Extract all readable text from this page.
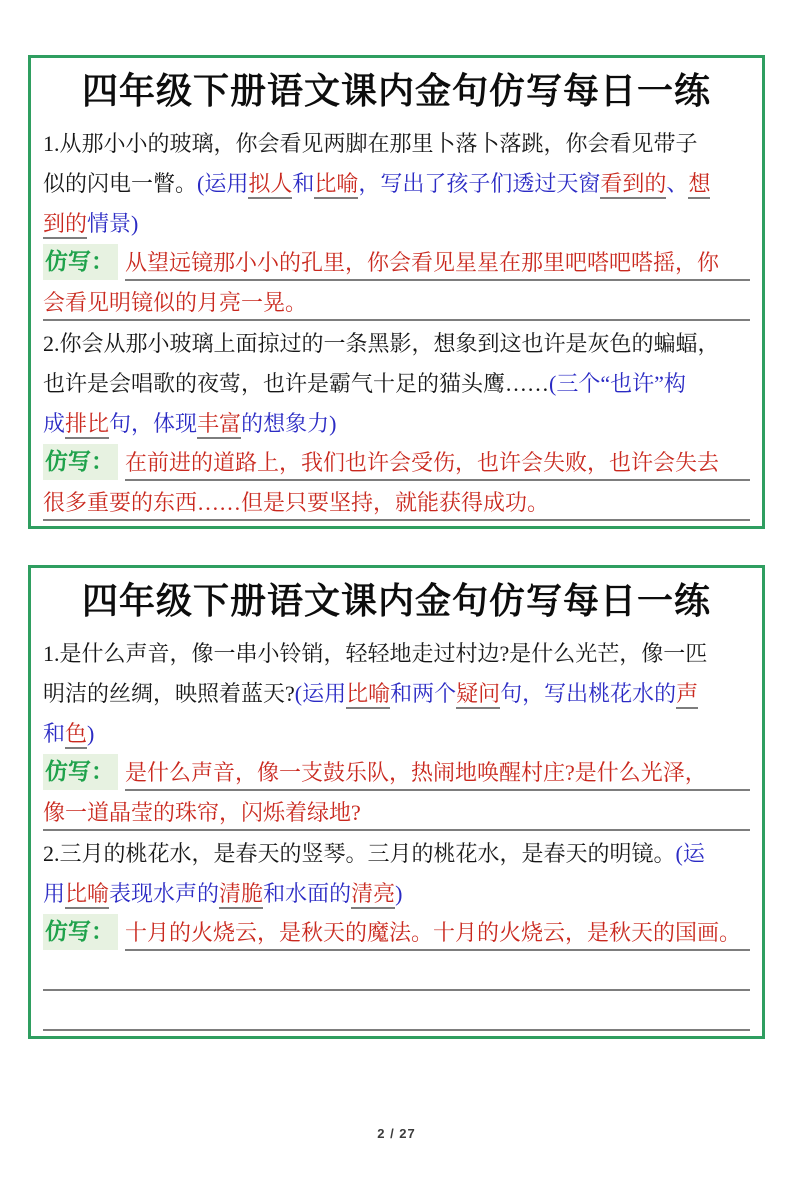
四年级下册语文课内金句仿写每日一练
1.从那小小的玻璃，你会看见两脚在那里卜落卜落跳，你会看见带子
似的闪电一瞥。(运用拟人和比喻，写出了孩子们透过天窗看到的、想
到的情景)
仿写： 从望远镜那小小的孔里，你会看见星星在那里吧嗒吧嗒摇，你
会看见明镜似的月亮一晃。
2.你会从那小玻璃上面掠过的一条黑影，想象到这也许是灰色的蝙蝠，
也许是会唱歌的夜莺，也许是霸气十足的猫头鹰……(三个“也许”构
成排比句，体现丰富的想象力)
仿写： 在前进的道路上，我们也许会受伤，也许会失败，也许会失去
很多重要的东西……但是只要坚持，就能获得成功。
四年级下册语文课内金句仿写每日一练
1.是什么声音，像一串小铃销，轻轻地走过村边?是什么光芒，像一匹
明洁的丝绸，映照着蓝天?(运用比喻和两个疑问句，写出桃花水的声
和色)
仿写： 是什么声音，像一支鼓乐队，热闹地唤醒村庄?是什么光泽，
像一道晶莹的珠帘，闪烁着绿地?
2.三月的桃花水，是春天的竖琴。三月的桃花水，是春天的明镜。(运
用比喻表现水声的清脆和水面的清亮)
仿写： 十月的火烧云，是秋天的魔法。十月的火烧云，是秋天的国画。
2 / 27
